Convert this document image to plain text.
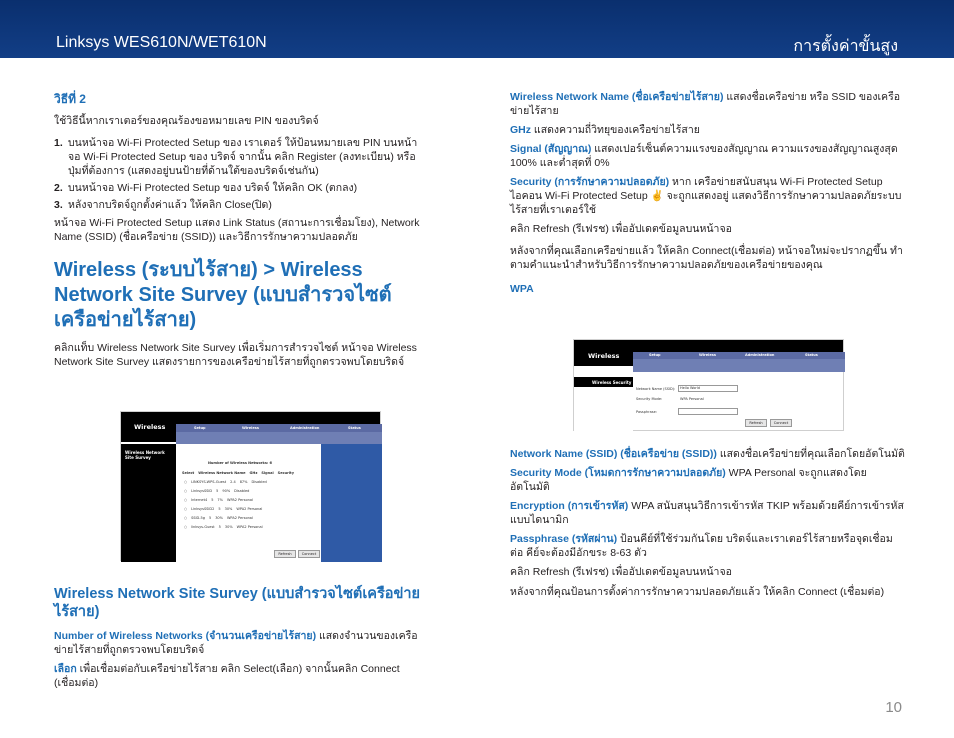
Linksys WES610N/WET610N	การตั้งค่าขั้นสูง
วิธีที่ 2

ใช้วิธีนี้หากเราเตอร์ของคุณร้องขอหมายเลข PIN ของบริดจ์

1. บนหน้าจอ Wi-Fi Protected Setup ของ เราเตอร์ ให้ป้อนหมายเลข PIN บนหน้าจอ Wi-Fi Protected Setup ของ บริดจ์ จากนั้น คลิก Register (ลงทะเบียน) หรือปุ่มที่ต้องการ (แสดงอยู่บนป้ายที่ด้านใต้ของบริดจ์เช่นกัน)
2. บนหน้าจอ Wi-Fi Protected Setup ของ บริดจ์ ให้คลิก OK (ตกลง)
3. หลังจากบริดจ์ถูกตั้งค่าแล้ว ให้คลิก Close(ปิด)

หน้าจอ Wi-Fi Protected Setup แสดง Link Status (สถานะการเชื่อมโยง), Network Name (SSID) (ชื่อเครือข่าย (SSID)) และวิธีการรักษาความปลอดภัย

Wireless (ระบบไร้สาย) > Wireless Network Site Survey (แบบสำรวจไซต์เครือข่ายไร้สาย)

คลิกแท็บ Wireless Network Site Survey เพื่อเริ่มการสำรวจไซต์ หน้าจอ Wireless Network Site Survey แสดงรายการของเครือข่ายไร้สายที่ถูกตรวจพบโดยบริดจ์

Wireless	Setup	Wireless	Administration	Status
Wireless Network Site Survey
Number of Wireless Networks: 6
Select Wireless Network Name GHz Signal Security
○ LINKSYS-WPS-Guest 2.4 87% Disabled
○ LinksysSSID 5 90% Disabled
○ Internet4 5 7% WPA2 Personal
○ LinksysSSID2 5 30% WPA2 Personal
○ SSID-5g 5 30% WPA2 Personal
○ linksys-Guest 5 30% WPA2 Personal
Refresh	Connect
Wireless Network Site Survey (แบบสำรวจไซต์เครือข่ายไร้สาย)

Number of Wireless Networks (จำนวนเครือข่ายไร้สาย) แสดงจำนวนของเครือข่ายไร้สายที่ถูกตรวจพบโดยบริดจ์

เลือก เพื่อเชื่อมต่อกับเครือข่ายไร้สาย คลิก Select(เลือก) จากนั้นคลิก Connect (เชื่อมต่อ)

Wireless Network Name (ชื่อเครือข่ายไร้สาย) แสดงชื่อเครือข่าย หรือ SSID ของเครือข่ายไร้สาย

GHz แสดงความถี่วิทยุของเครือข่ายไร้สาย

Signal (สัญญาณ) แสดงเปอร์เซ็นต์ความแรงของสัญญาณ ความแรงของสัญญาณสูงสุด 100% และต่ำสุดที่ 0%

Security (การรักษาความปลอดภัย) หาก เครือข่ายสนับสนุน Wi-Fi Protected Setup ไอคอน Wi-Fi Protected Setup ✌ จะถูกแสดงอยู่ แสดงวิธีการรักษาความปลอดภัยระบบไร้สายที่เราเตอร์ใช้

คลิก Refresh (รีเฟรช) เพื่ออัปเดตข้อมูลบนหน้าจอ

หลังจากที่คุณเลือกเครือข่ายแล้ว ให้คลิก Connect(เชื่อมต่อ) หน้าจอใหม่จะปรากฏขึ้น ทำตามคำแนะนำสำหรับวิธีการรักษาความปลอดภัยของเครือข่ายของคุณ

WPA

Wireless	Setup	Wireless	Administration	Status
Wireless Security
Network Name (SSID): Hello World
Security Mode:	WPA Personal
Passphrase:
Refresh	Connect

Network Name (SSID) (ชื่อเครือข่าย (SSID)) แสดงชื่อเครือข่ายที่คุณเลือกโดยอัตโนมัติ

Security Mode (โหมดการรักษาความปลอดภัย) WPA Personal จะถูกแสดงโดยอัตโนมัติ

Encryption (การเข้ารหัส) WPA สนับสนุนวิธีการเข้ารหัส TKIP พร้อมด้วยคีย์การเข้ารหัสแบบไดนามิก

Passphrase (รหัสผ่าน) ป้อนคีย์ที่ใช้ร่วมกันโดย บริดจ์และเราเตอร์ไร้สายหรือจุดเชื่อมต่อ คีย์จะต้องมีอักขระ 8-63 ตัว

คลิก Refresh (รีเฟรช) เพื่ออัปเดตข้อมูลบนหน้าจอ

หลังจากที่คุณป้อนการตั้งค่าการรักษาความปลอดภัยแล้ว ให้คลิก Connect (เชื่อมต่อ)

10
